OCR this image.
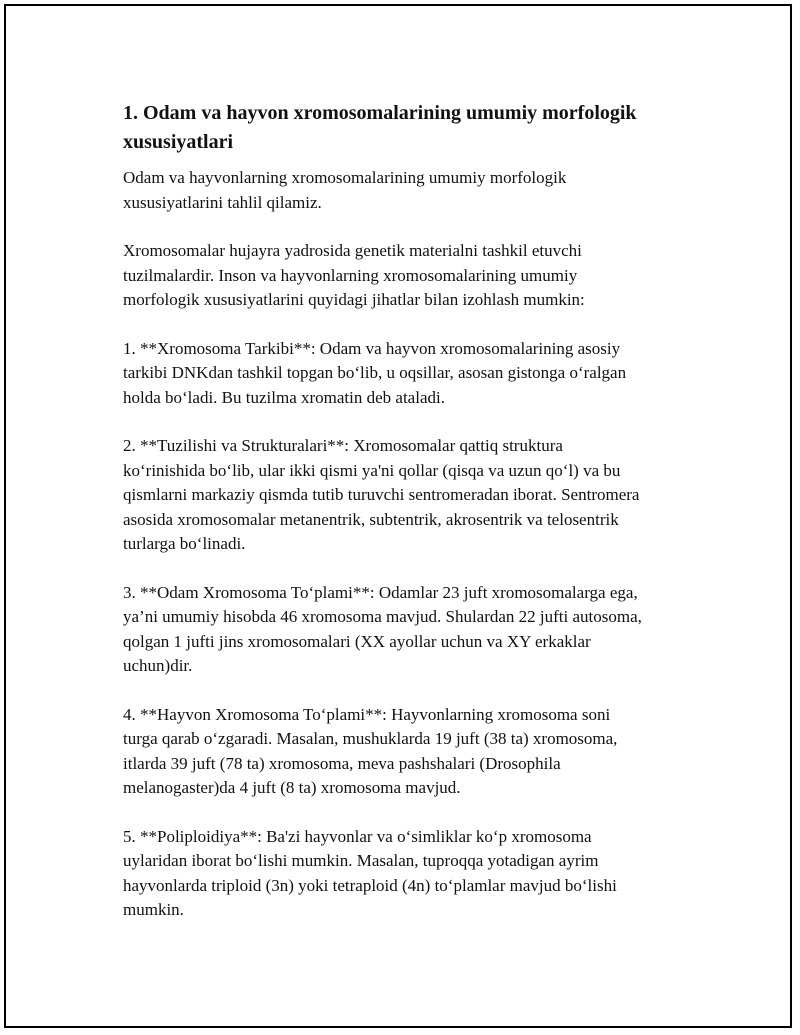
1. Odam va hayvon xromosomalarining umumiy morfologik
xususiyatlari

Odam va hayvonlarning xromosomalarining umumiy morfologik
xususiyatlarini tahlil qilamiz.

Xromosomalar hujayra yadrosida genetik materialni tashkil etuvchi
tuzilmalardir. Inson va hayvonlarning xromosomalarining umumiy
morfologik xususiyatlarini quyidagi jihatlar bilan izohlash mumkin:

1. **Xromosoma Tarkibi**: Odam va hayvon xromosomalarining asosiy
tarkibi DNKdan tashkil topgan bo‘lib, u oqsillar, asosan gistonga o‘ralgan
holda bo‘ladi. Bu tuzilma xromatin deb ataladi.

2. **Tuzilishi va Strukturalari**: Xromosomalar qattiq struktura
ko‘rinishida bo‘lib, ular ikki qismi ya'ni qollar (qisqa va uzun qo‘l) va bu
qismlarni markaziy qismda tutib turuvchi sentromeradan iborat. Sentromera
asosida xromosomalar metanentrik, subtentrik, akrosentrik va telosentrik
turlarga bo‘linadi.

3. **Odam Xromosoma To‘plami**: Odamlar 23 juft xromosomalarga ega,
ya’ni umumiy hisobda 46 xromosoma mavjud. Shulardan 22 jufti autosoma,
qolgan 1 jufti jins xromosomalari (XX ayollar uchun va XY erkaklar
uchun)dir.

4. **Hayvon Xromosoma To‘plami**: Hayvonlarning xromosoma soni
turga qarab o‘zgaradi. Masalan, mushuklarda 19 juft (38 ta) xromosoma,
itlarda 39 juft (78 ta) xromosoma, meva pashshalari (Drosophila
melanogaster)da 4 juft (8 ta) xromosoma mavjud.

5. **Poliploidiya**: Ba'zi hayvonlar va o‘simliklar ko‘p xromosoma
uylaridan iborat bo‘lishi mumkin. Masalan, tuproqqa yotadigan ayrim
hayvonlarda triploid (3n) yoki tetraploid (4n) to‘plamlar mavjud bo‘lishi
mumkin.
